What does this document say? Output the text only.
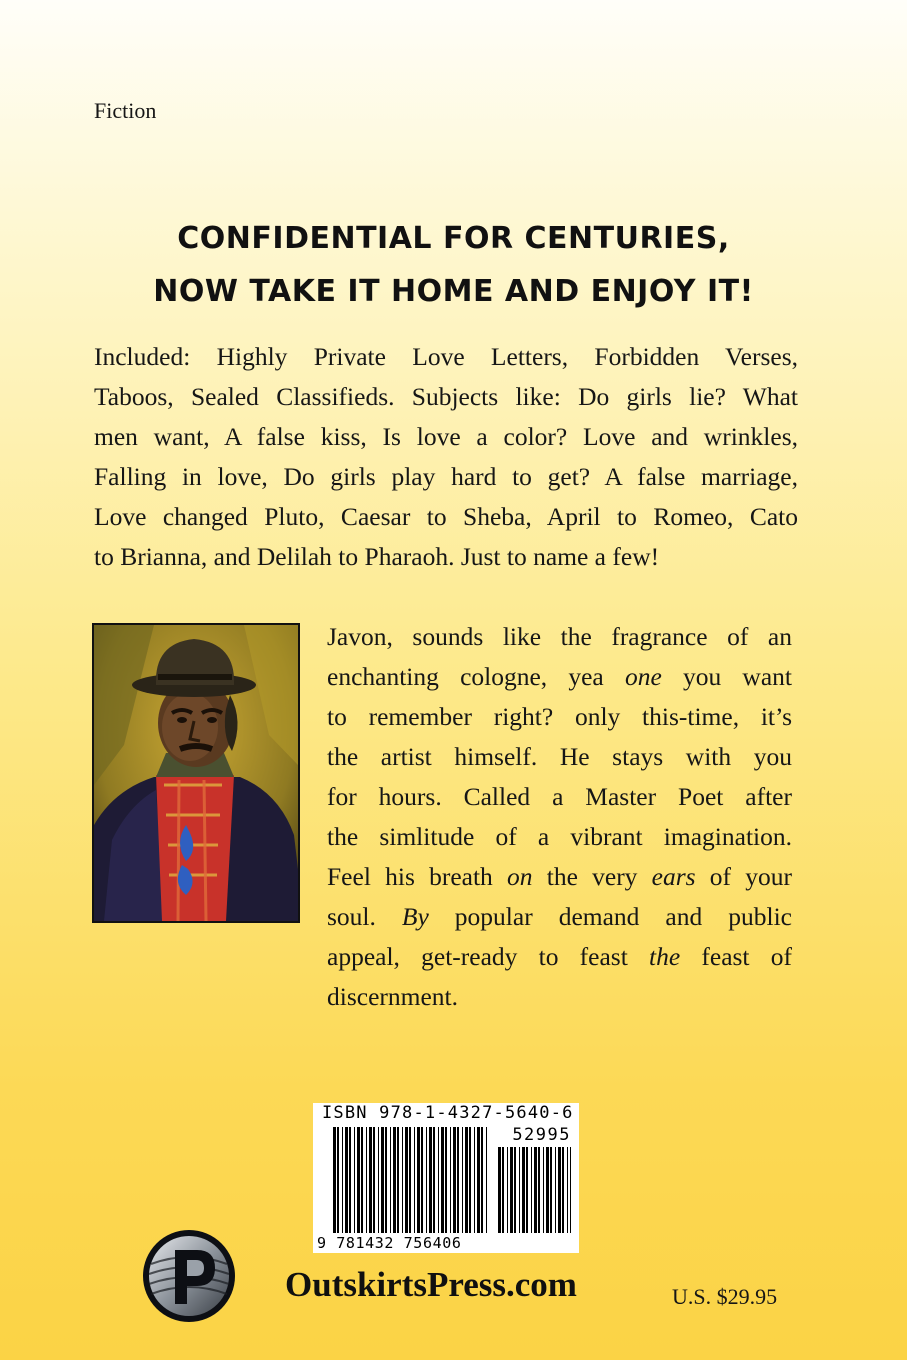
Fiction
CONFIDENTIAL FOR CENTURIES,
NOW TAKE IT HOME AND ENJOY IT!
Included: Highly Private Love Letters, Forbidden Verses,
Taboos, Sealed Classifieds. Subjects like: Do girls lie? What
men want, A false kiss, Is love a color? Love and wrinkles,
Falling in love, Do girls play hard to get? A false marriage,
Love changed Pluto, Caesar to Sheba, April to Romeo, Cato
to Brianna, and Delilah to Pharaoh. Just to name a few!
Javon, sounds like the fragrance of an
enchanting cologne, yea one you want
to remember right? only this-time, it’s
the artist himself. He stays with you
for hours. Called a Master Poet after
the simlitude of a vibrant imagination.
Feel his breath on the very ears of your
soul. By popular demand and public
appeal, get-ready to feast the feast of
discernment.
ISBN 978-1-4327-5640-6
52995
9 781432 756406
OutskirtsPress.com	U.S. $29.95
